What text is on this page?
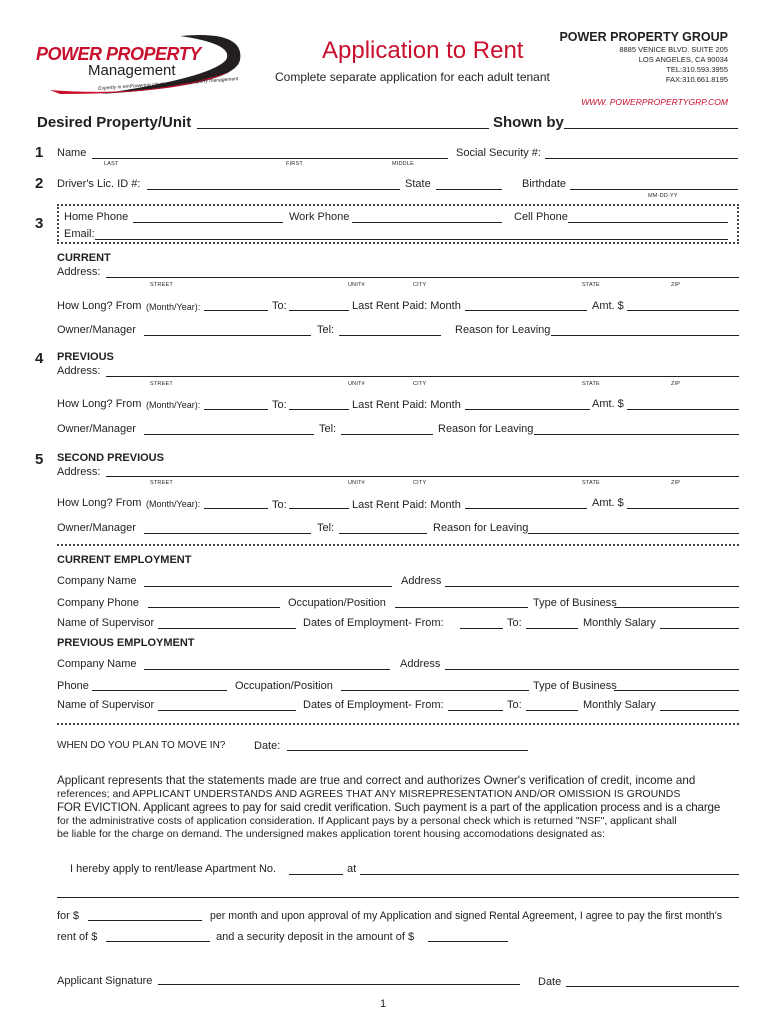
POWER PROPERTY
Management
Expertly in emPowering client success in property management
Application to Rent
Complete separate application for each adult tenant
POWER PROPERTY GROUP
8885 VENICE BLVD. SUITE 205
LOS ANGELES, CA 90034
TEL:310.593.3955
FAX:310.661.8195
WWW. POWERPROPERTYGRP.COM
Desired Property/Unit	Shown by
1 Name
LAST	FIRST	MIDDLE
Social Security #:
2 Driver's Lic. ID #:	State	Birthdate
MM-DD-YY
3 Home Phone	Work Phone	Cell Phone
Email:
CURRENT
Address:
STREET	UNIT#	CITY	STATE	ZIP
How Long? From (Month/Year):	To:	Last Rent Paid: Month	Amt. $
Owner/Manager	Tel:	Reason for Leaving
4 PREVIOUS
Address:
STREET	UNIT#	CITY	STATE	ZIP
How Long? From (Month/Year):	To:	Last Rent Paid: Month	Amt. $
Owner/Manager	Tel:	Reason for Leaving
5 SECOND PREVIOUS
Address:
STREET	UNIT#	CITY	STATE	ZIP
How Long? From (Month/Year):	To:	Last Rent Paid: Month	Amt. $
Owner/Manager	Tel:	Reason for Leaving
CURRENT EMPLOYMENT
Company Name	Address
Company Phone	Occupation/Position	Type of Business
Name of Supervisor	Dates of Employment- From:	To:	Monthly Salary
PREVIOUS EMPLOYMENT
Company Name	Address
Phone	Occupation/Position	Type of Business
Name of Supervisor	Dates of Employment- From:	To:	Monthly Salary
WHEN DO YOU PLAN TO MOVE IN?	Date:
Applicant represents that the statements made are true and correct and authorizes Owner's verification of credit, income and
references; and APPLICANT UNDERSTANDS AND AGREES THAT ANY MISREPRESENTATION AND/OR OMISSION IS GROUNDS
FOR EVICTION. Applicant agrees to pay for said credit verification. Such payment is a part of the application process and is a charge
for the administrative costs of application consideration. If Applicant pays by a personal check which is returned "NSF", applicant shall
be liable for the charge on demand. The undersigned makes application torent housing accomodations designated as:
I hereby apply to rent/lease Apartment No.	at
for $	per month and upon approval of my Application and signed Rental Agreement, I agree to pay the first month's
rent of $	and a security deposit in the amount of $
Applicant Signature	Date
1
